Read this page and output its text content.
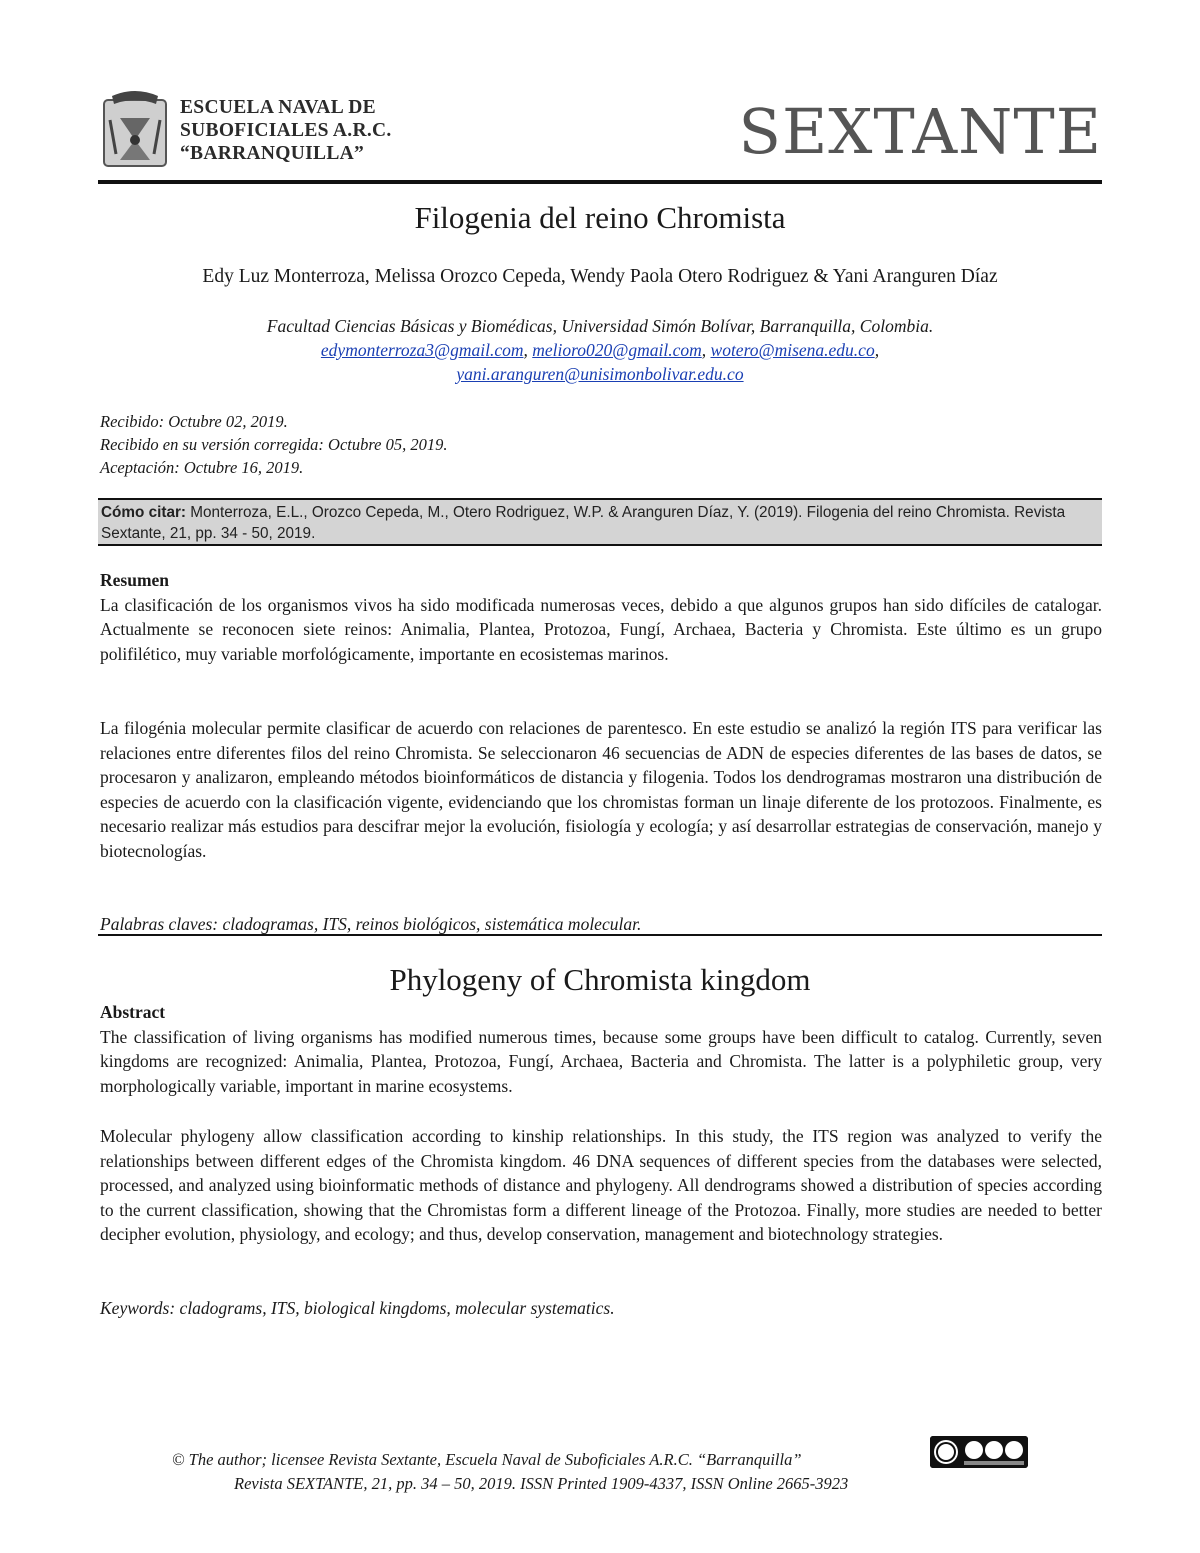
ESCUELA NAVAL DE
SUBOFICIALES A.R.C.
“BARRANQUILLA”	SEXTANTE
Filogenia del reino Chromista
Edy Luz Monterroza, Melissa Orozco Cepeda, Wendy Paola Otero Rodriguez & Yani Aranguren Díaz
Facultad Ciencias Básicas y Biomédicas, Universidad Simón Bolívar, Barranquilla, Colombia.
edymonterroza3@gmail.com, melioro020@gmail.com, wotero@misena.edu.co,
yani.aranguren@unisimonbolivar.edu.co
Recibido: Octubre 02, 2019.
Recibido en su versión corregida: Octubre 05, 2019.
Aceptación: Octubre 16, 2019.
Cómo citar: Monterroza, E.L., Orozco Cepeda, M., Otero Rodriguez, W.P. & Aranguren Díaz, Y. (2019). Filogenia del reino Chromista. Revista Sextante, 21, pp. 34 - 50, 2019.
Resumen

La clasificación de los organismos vivos ha sido modificada numerosas veces, debido a que algunos grupos han sido difíciles de catalogar. Actualmente se reconocen siete reinos: Animalia, Plantea, Protozoa, Fungí, Archaea, Bacteria y Chromista. Este último es un grupo polifilético, muy variable morfológicamente, importante en ecosistemas marinos.

La filogénia molecular permite clasificar de acuerdo con relaciones de parentesco. En este estudio se analizó la región ITS para verificar las relaciones entre diferentes filos del reino Chromista. Se seleccionaron 46 secuencias de ADN de especies diferentes de las bases de datos, se procesaron y analizaron, empleando métodos bioinformáticos de distancia y filogenia. Todos los dendrogramas mostraron una distribución de especies de acuerdo con la clasificación vigente, evidenciando que los chromistas forman un linaje diferente de los protozoos. Finalmente, es necesario realizar más estudios para descifrar mejor la evolución, fisiología y ecología; y así desarrollar estrategias de conservación, manejo y biotecnologías.

Palabras claves: cladogramas, ITS, reinos biológicos, sistemática molecular.
Phylogeny of Chromista kingdom
Abstract

The classification of living organisms has modified numerous times, because some groups have been difficult to catalog. Currently, seven kingdoms are recognized: Animalia, Plantea, Protozoa, Fungí, Archaea, Bacteria and Chromista. The latter is a polyphiletic group, very morphologically variable, important in marine ecosystems.

Molecular phylogeny allow classification according to kinship relationships. In this study, the ITS region was analyzed to verify the relationships between different edges of the Chromista kingdom. 46 DNA sequences of different species from the databases were selected, processed, and analyzed using bioinformatic methods of distance and phylogeny. All dendrograms showed a distribution of species according to the current classification, showing that the Chromistas form a different lineage of the Protozoa. Finally, more studies are needed to better decipher evolution, physiology, and ecology; and thus, develop conservation, management and biotechnology strategies.

Keywords: cladograms, ITS, biological kingdoms, molecular systematics.
© The author; licensee Revista Sextante, Escuela Naval de Suboficiales A.R.C. “Barranquilla”
Revista SEXTANTE, 21, pp. 34 – 50, 2019. ISSN Printed 1909-4337, ISSN Online 2665-3923
